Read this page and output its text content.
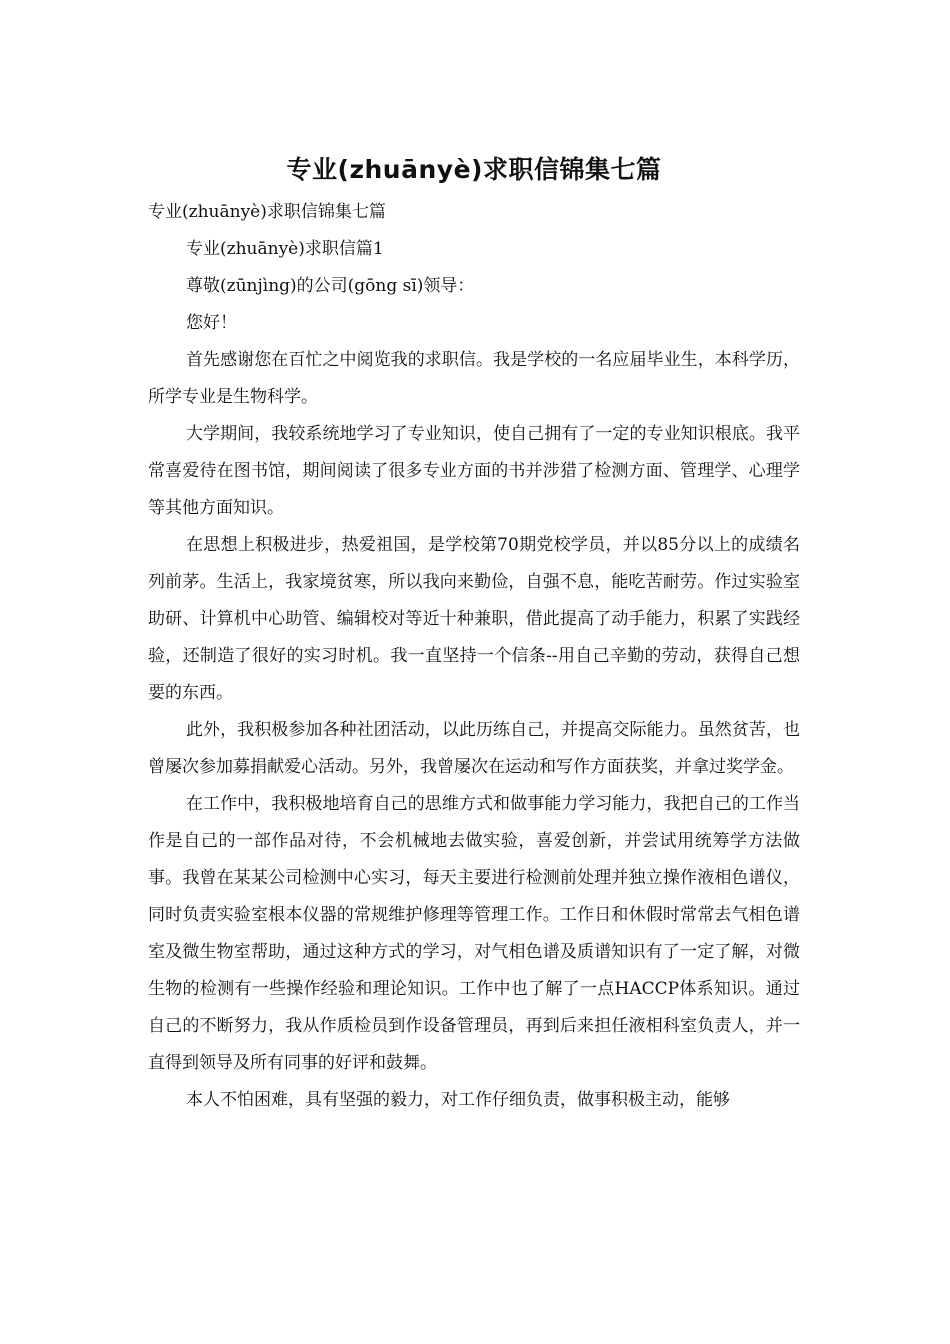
专业(zhuānyè)求职信锦集七篇

专业(zhuānyè)求职信锦集七篇

专业(zhuānyè)求职信篇1

尊敬(zūnjìng)的公司(gōng sī)领导：

您好！

首先感谢您在百忙之中阅览我的求职信。我是学校的一名应届毕业生，本科学历，所学专业是生物科学。

大学期间，我较系统地学习了专业知识，使自己拥有了一定的专业知识根底。我平常喜爱待在图书馆，期间阅读了很多专业方面的书并涉猎了检测方面、管理学、心理学等其他方面知识。

在思想上积极进步，热爱祖国，是学校第70期党校学员，并以85分以上的成绩名列前茅。生活上，我家境贫寒，所以我向来勤俭，自强不息，能吃苦耐劳。作过实验室助研、计算机中心助管、编辑校对等近十种兼职，借此提高了动手能力，积累了实践经验，还制造了很好的实习时机。我一直坚持一个信条--用自己辛勤的劳动，获得自己想要的东西。

此外，我积极参加各种社团活动，以此历练自己，并提高交际能力。虽然贫苦，也曾屡次参加募捐献爱心活动。另外，我曾屡次在运动和写作方面获奖，并拿过奖学金。

在工作中，我积极地培育自己的思维方式和做事能力学习能力，我把自己的工作当作是自己的一部作品对待，不会机械地去做实验，喜爱创新，并尝试用统筹学方法做事。我曾在某某公司检测中心实习，每天主要进行检测前处理并独立操作液相色谱仪，同时负责实验室根本仪器的常规维护修理等管理工作。工作日和休假时常常去气相色谱室及微生物室帮助，通过这种方式的学习，对气相色谱及质谱知识有了一定了解，对微生物的检测有一些操作经验和理论知识。工作中也了解了一点HACCP体系知识。通过自己的不断努力，我从作质检员到作设备管理员，再到后来担任液相科室负责人，并一直得到领导及所有同事的好评和鼓舞。

本人不怕困难，具有坚强的毅力，对工作仔细负责，做事积极主动，能够
